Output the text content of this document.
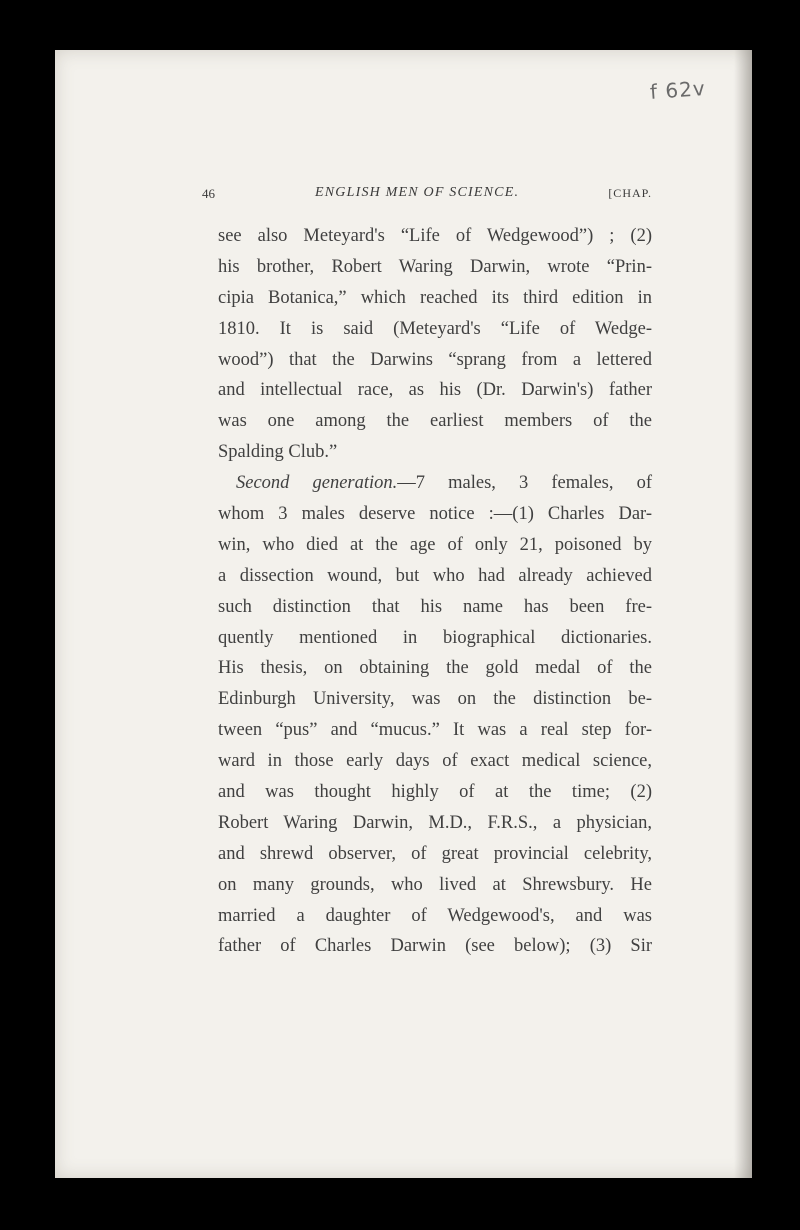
f 62v
46	ENGLISH MEN OF SCIENCE.	[CHAP.
see also Meteyard's “Life of Wedgewood”) ; (2)
his brother, Robert Waring Darwin, wrote “Prin-
cipia Botanica,” which reached its third edition in
1810. It is said (Meteyard's “Life of Wedge-
wood”) that the Darwins “sprang from a lettered
and intellectual race, as his (Dr. Darwin's) father
was one among the earliest members of the
Spalding Club.”
Second generation.—7 males, 3 females, of
whom 3 males deserve notice :—(1) Charles Dar-
win, who died at the age of only 21, poisoned by
a dissection wound, but who had already achieved
such distinction that his name has been fre-
quently mentioned in biographical dictionaries.
His thesis, on obtaining the gold medal of the
Edinburgh University, was on the distinction be-
tween “pus” and “mucus.” It was a real step for-
ward in those early days of exact medical science,
and was thought highly of at the time; (2)
Robert Waring Darwin, M.D., F.R.S., a physician,
and shrewd observer, of great provincial celebrity,
on many grounds, who lived at Shrewsbury. He
married a daughter of Wedgewood's, and was
father of Charles Darwin (see below); (3) Sir
